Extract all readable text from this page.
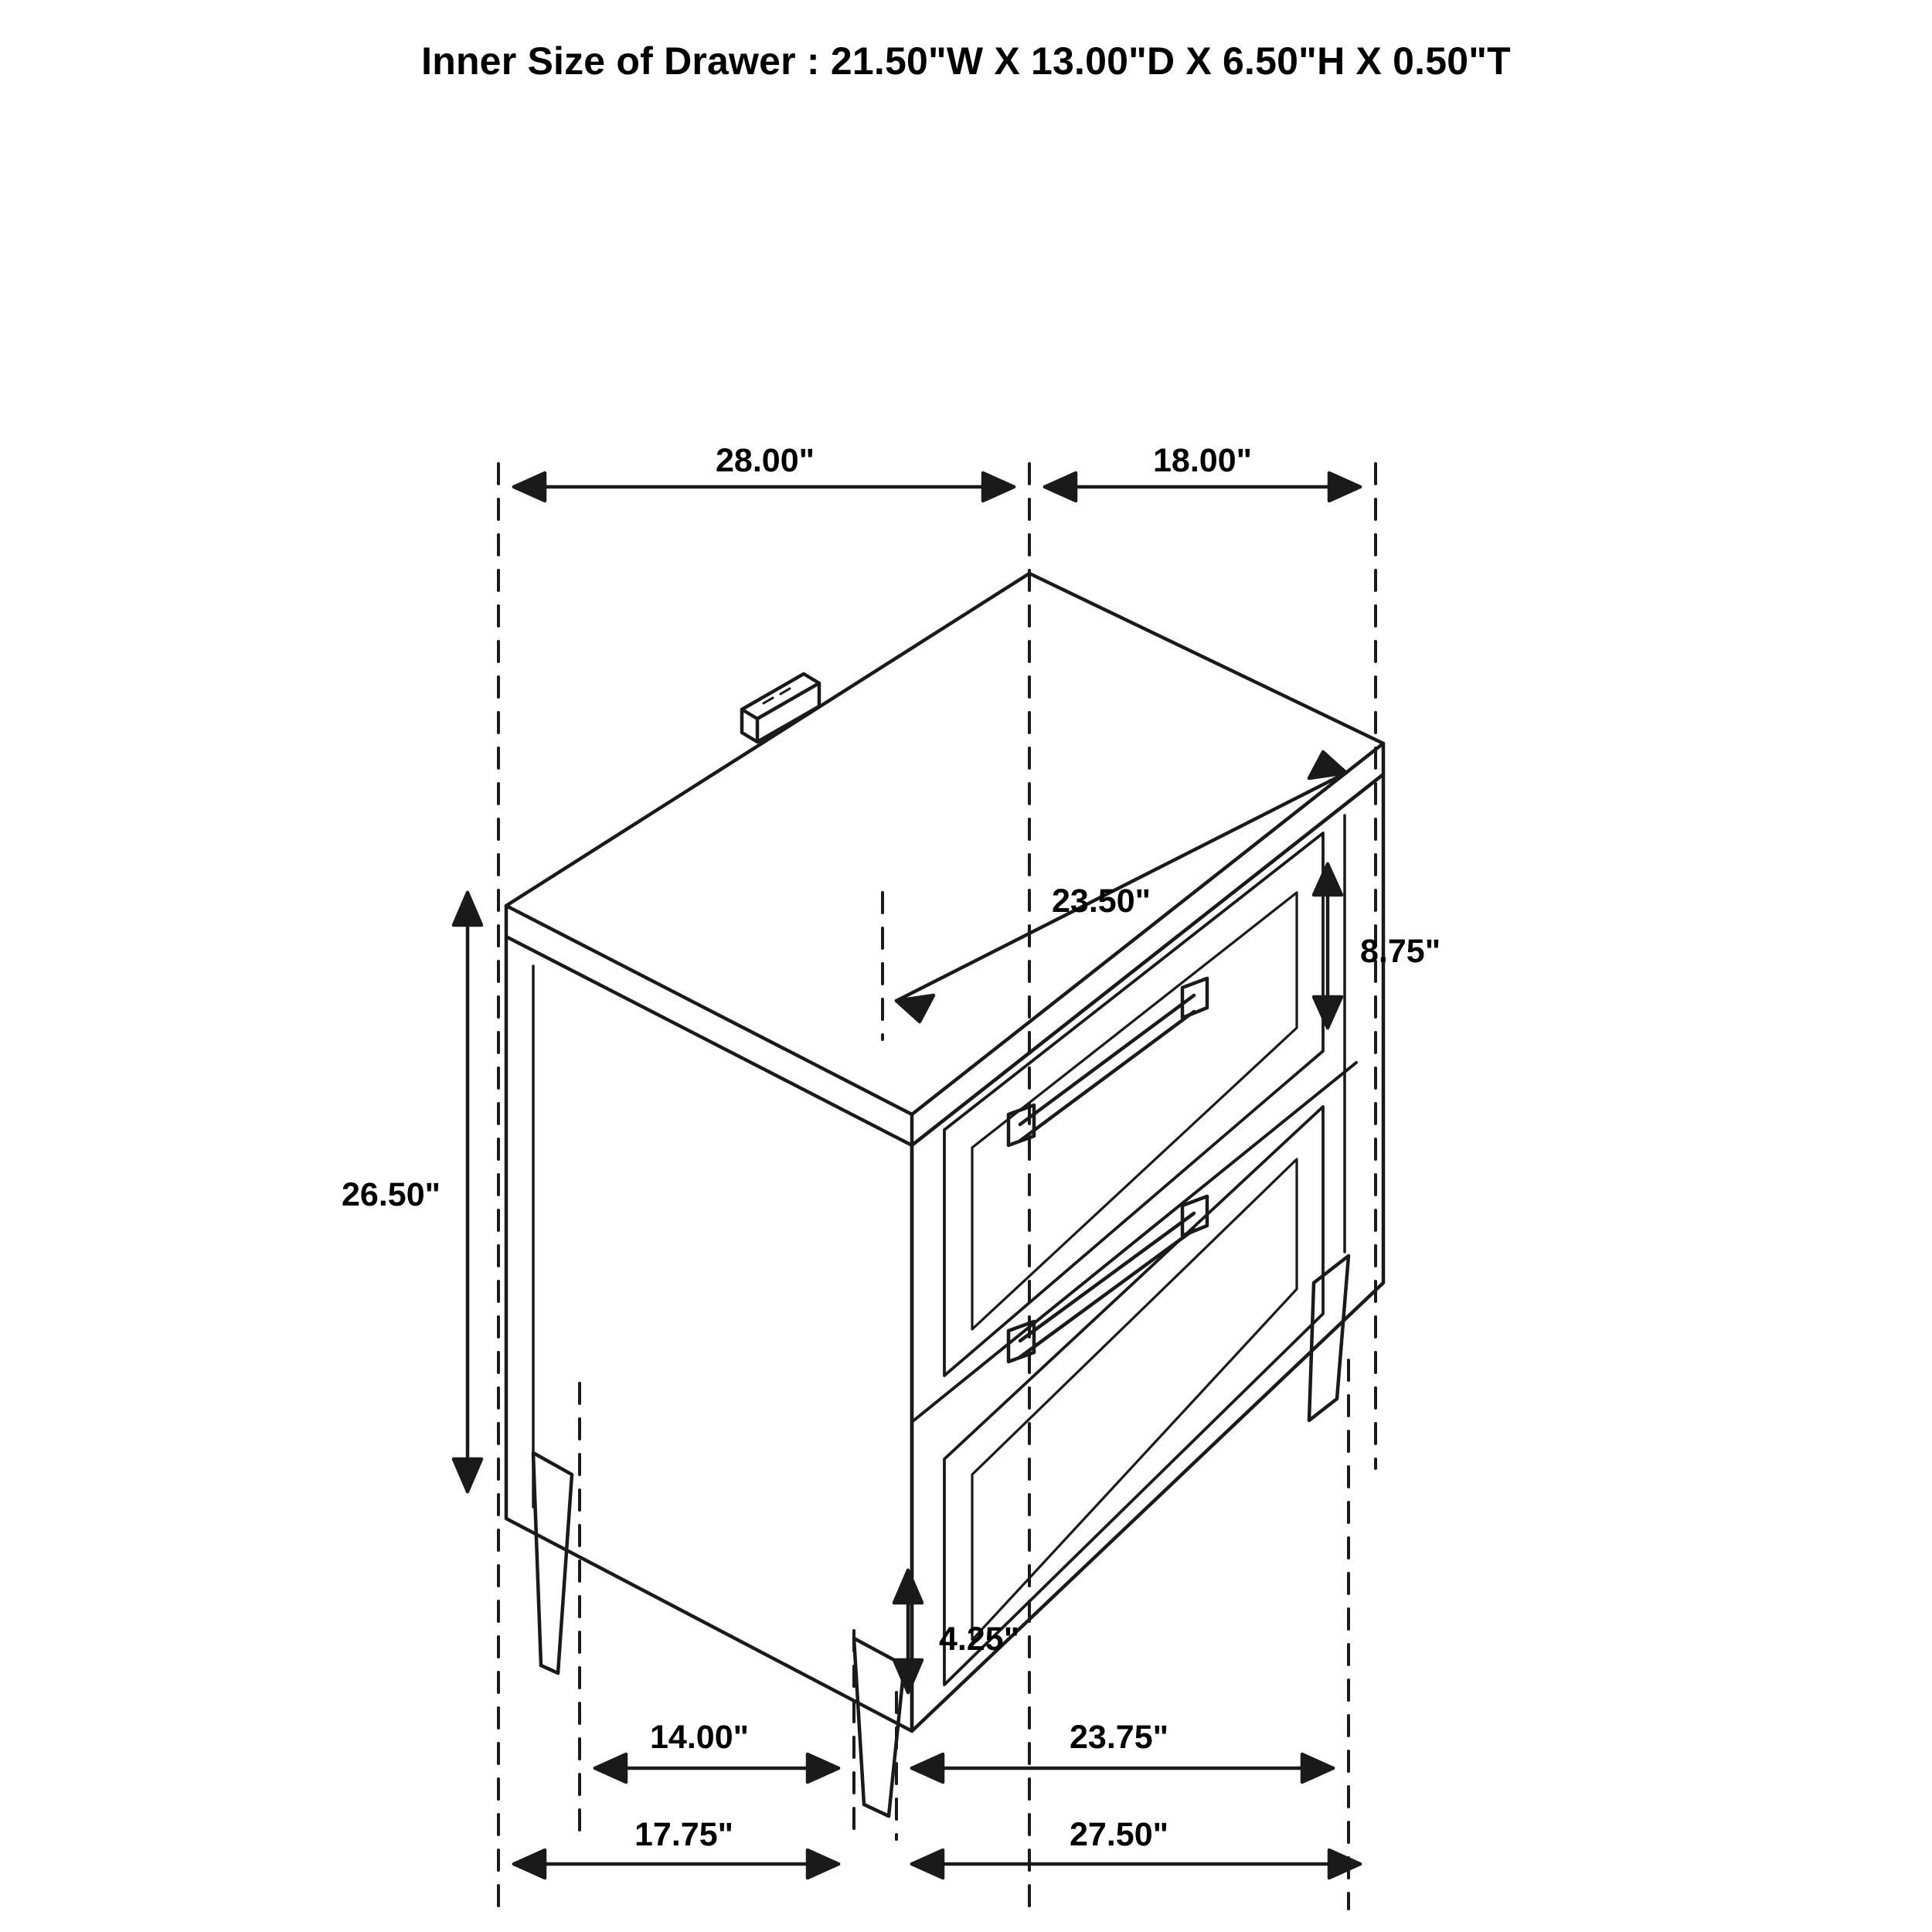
Inner Size of Drawer : 21.50"W X 13.00"D X 6.50"H X 0.50"T
28.00"	18.00"
23.50"
8.75"
26.50"
4.25"
14.00"
17.75"
23.75"
27.50"
